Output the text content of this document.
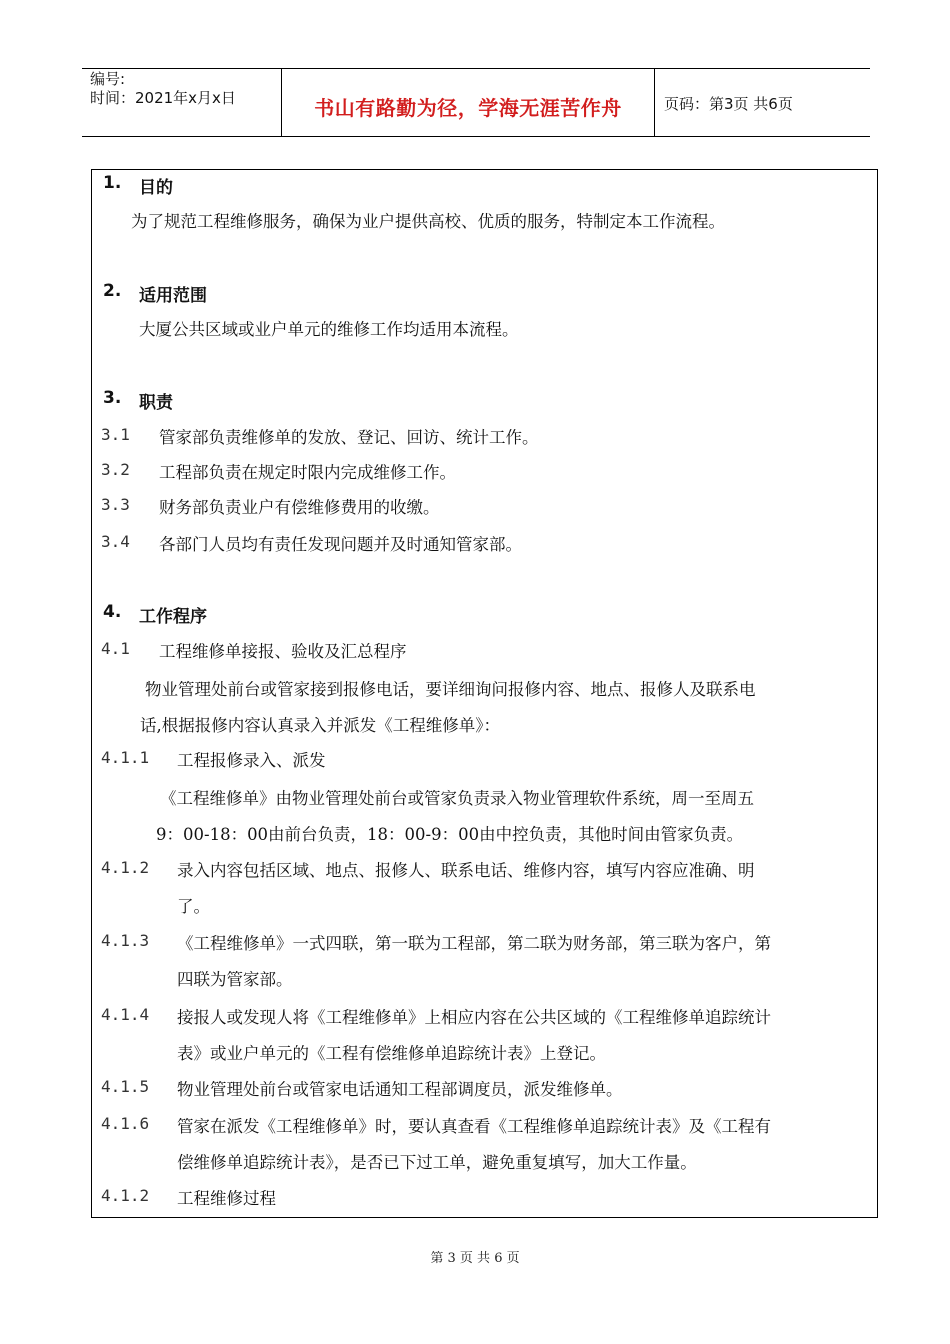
编号:
时间：2021年x月x日	书山有路勤为径，学海无涯苦作舟	页码：第3页 共6页
1. 目的
为了规范工程维修服务，确保为业户提供高校、优质的服务，特制定本工作流程。
2. 适用范围
大厦公共区域或业户单元的维修工作均适用本流程。
3. 职责
3.1 管家部负责维修单的发放、登记、回访、统计工作。
3.2 工程部负责在规定时限内完成维修工作。
3.3 财务部负责业户有偿维修费用的收缴。
3.4 各部门人员均有责任发现问题并及时通知管家部。
4. 工作程序
4.1 工程维修单接报、验收及汇总程序
物业管理处前台或管家接到报修电话，要详细询问报修内容、地点、报修人及联系电
话,根据报修内容认真录入并派发《工程维修单》：
4.1.1 工程报修录入、派发
《工程维修单》由物业管理处前台或管家负责录入物业管理软件系统，周一至周五
9：00-18：00由前台负责，18：00-9：00由中控负责，其他时间由管家负责。
4.1.2 录入内容包括区域、地点、报修人、联系电话、维修内容，填写内容应准确、明
了。
4.1.3 《工程维修单》一式四联，第一联为工程部，第二联为财务部，第三联为客户，第
四联为管家部。
4.1.4 接报人或发现人将《工程维修单》上相应内容在公共区域的《工程维修单追踪统计
表》或业户单元的《工程有偿维修单追踪统计表》上登记。
4.1.5 物业管理处前台或管家电话通知工程部调度员，派发维修单。
4.1.6 管家在派发《工程维修单》时，要认真查看《工程维修单追踪统计表》及《工程有
偿维修单追踪统计表》，是否已下过工单，避免重复填写，加大工作量。
4.1.2 工程维修过程
第 3 页 共 6 页
